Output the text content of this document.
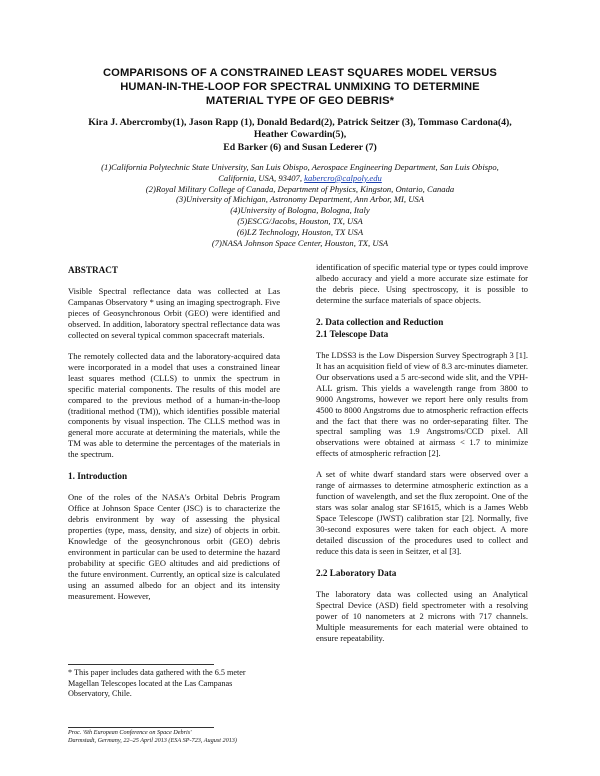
COMPARISONS OF A CONSTRAINED LEAST SQUARES MODEL VERSUS
HUMAN-IN-THE-LOOP FOR SPECTRAL UNMIXING TO DETERMINE
MATERIAL TYPE OF GEO DEBRIS*
Kira J. Abercromby(1), Jason Rapp (1), Donald Bedard(2), Patrick Seitzer (3), Tommaso Cardona(4),
Heather Cowardin(5),
Ed Barker (6) and Susan Lederer (7)
(1)California Polytechnic State University, San Luis Obispo, Aerospace Engineering Department, San Luis Obispo,
California, USA, 93407, kabercro@calpoly.edu
(2)Royal Military College of Canada, Department of Physics, Kingston, Ontario, Canada
(3)University of Michigan, Astronomy Department, Ann Arbor, MI, USA
(4)University of Bologna, Bologna, Italy
(5)ESCG/Jacobs, Houston, TX, USA
(6)LZ Technology, Houston, TX USA
(7)NASA Johnson Space Center, Houston, TX, USA
ABSTRACT

Visible Spectral reflectance data was collected at Las Campanas Observatory * using an imaging spectrograph. Five pieces of Geosynchronous Orbit (GEO) were identified and observed. In addition, laboratory spectral reflectance data was collected on several typical common spacecraft materials.

The remotely collected data and the laboratory-acquired data were incorporated in a model that uses a constrained linear least squares method (CLLS) to unmix the spectrum in specific material components. The results of this model are compared to the previous method of a human-in-the-loop (traditional method (TM)), which identifies possible material components by visual inspection. The CLLS method was in general more accurate at determining the materials, while the TM was able to determine the percentages of the materials in the spectrum.

1. Introduction

One of the roles of the NASA's Orbital Debris Program Office at Johnson Space Center (JSC) is to characterize the debris environment by way of assessing the physical properties (type, mass, density, and size) of objects in orbit. Knowledge of the geosynchronous orbit (GEO) debris environment in particular can be used to determine the hazard probability at specific GEO altitudes and aid predictions of the future environment. Currently, an optical size is calculated using an assumed albedo for an object and its intensity measurement. However,

* This paper includes data gathered with the 6.5 meter Magellan Telescopes located at the Las Campanas Observatory, Chile.
Proc. '6th European Conference on Space Debris'
Darmstadt, Germany, 22–25 April 2013 (ESA SP-723, August 2013)

identification of specific material type or types could improve albedo accuracy and yield a more accurate size estimate for the debris piece. Using spectroscopy, it is possible to determine the surface materials of space objects.

2. Data collection and Reduction
2.1 Telescope Data

The LDSS3 is the Low Dispersion Survey Spectrograph 3 [1]. It has an acquisition field of view of 8.3 arc-minutes diameter. Our observations used a 5 arc-second wide slit, and the VPH-ALL grism. This yields a wavelength range from 3800 to 9000 Angstroms, however we report here only results from 4500 to 8000 Angstroms due to atmospheric refraction effects and the fact that there was no order-separating filter. The spectral sampling was 1.9 Angstroms/CCD pixel. All observations were obtained at airmass < 1.7 to minimize effects of atmospheric refraction [2].

A set of white dwarf standard stars were observed over a range of airmasses to determine atmospheric extinction as a function of wavelength, and set the flux zeropoint. One of the stars was solar analog star SF1615, which is a James Webb Space Telescope (JWST) calibration star [2]. Normally, five 30-second exposures were taken for each object. A more detailed discussion of the procedures used to collect and reduce this data is seen in Seitzer, et al [3].

2.2 Laboratory Data

The laboratory data was collected using an Analytical Spectral Device (ASD) field spectrometer with a resolving power of 10 nanometers at 2 microns with 717 channels. Multiple measurements for each material were obtained to ensure repeatability.
